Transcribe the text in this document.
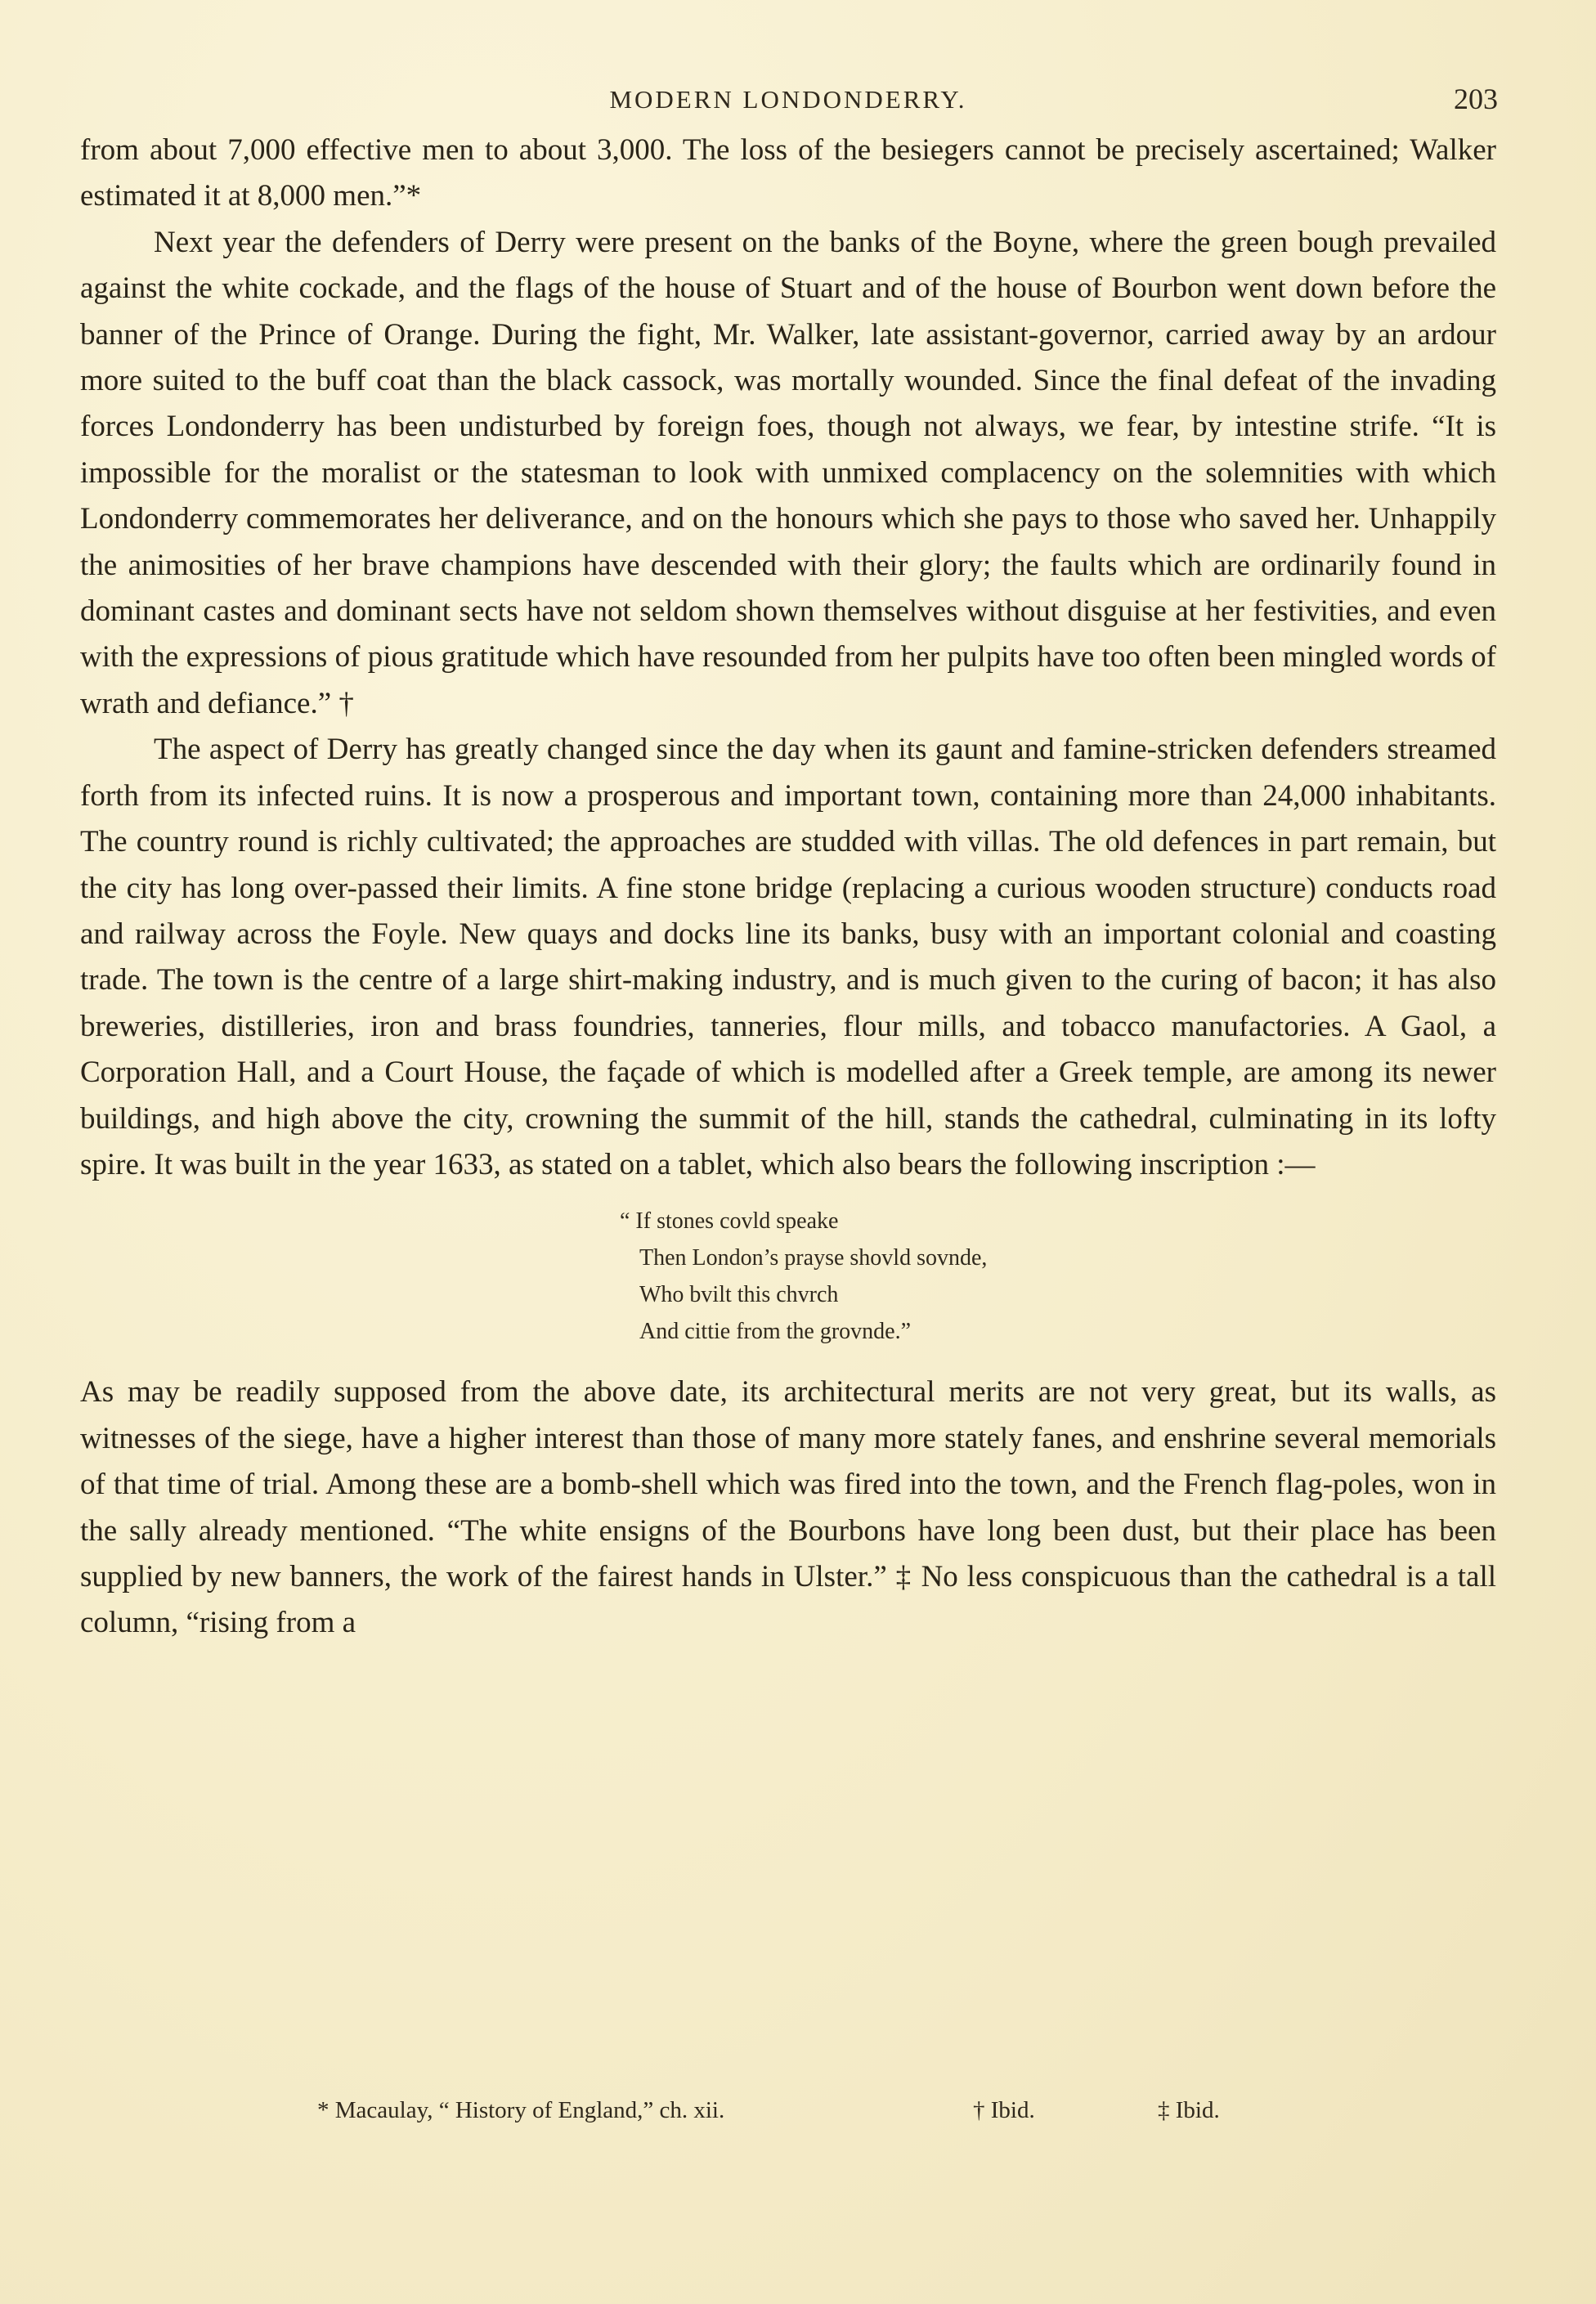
MODERN LONDONDERRY.	203

from about 7,000 effective men to about 3,000. The loss of the besiegers cannot be precisely ascertained; Walker estimated it at 8,000 men.”*

Next year the defenders of Derry were present on the banks of the Boyne, where the green bough prevailed against the white cockade, and the flags of the house of Stuart and of the house of Bourbon went down before the banner of the Prince of Orange. During the fight, Mr. Walker, late assistant-governor, carried away by an ardour more suited to the buff coat than the black cassock, was mortally wounded. Since the final defeat of the invading forces Londonderry has been undisturbed by foreign foes, though not always, we fear, by intestine strife. “It is impossible for the moralist or the statesman to look with unmixed complacency on the solemnities with which Londonderry commemorates her deliverance, and on the honours which she pays to those who saved her. Unhappily the animosities of her brave champions have descended with their glory; the faults which are ordinarily found in dominant castes and dominant sects have not seldom shown themselves without disguise at her festivities, and even with the expressions of pious gratitude which have resounded from her pulpits have too often been mingled words of wrath and defiance.” †

The aspect of Derry has greatly changed since the day when its gaunt and famine-stricken defenders streamed forth from its infected ruins. It is now a prosperous and important town, containing more than 24,000 inhabitants. The country round is richly cultivated; the approaches are studded with villas. The old defences in part remain, but the city has long over-passed their limits. A fine stone bridge (replacing a curious wooden structure) conducts road and railway across the Foyle. New quays and docks line its banks, busy with an important colonial and coasting trade. The town is the centre of a large shirt-making industry, and is much given to the curing of bacon; it has also breweries, distilleries, iron and brass foundries, tanneries, flour mills, and tobacco manufactories. A Gaol, a Corporation Hall, and a Court House, the façade of which is modelled after a Greek temple, are among its newer buildings, and high above the city, crowning the summit of the hill, stands the cathedral, culminating in its lofty spire. It was built in the year 1633, as stated on a tablet, which also bears the following inscription :—

“ If stones covld speake
Then London’s prayse shovld sovnde,
Who bvilt this chvrch
And cittie from the grovnde.”

As may be readily supposed from the above date, its architectural merits are not very great, but its walls, as witnesses of the siege, have a higher interest than those of many more stately fanes, and enshrine several memorials of that time of trial. Among these are a bomb-shell which was fired into the town, and the French flag-poles, won in the sally already mentioned. “The white ensigns of the Bourbons have long been dust, but their place has been supplied by new banners, the work of the fairest hands in Ulster.” ‡ No less conspicuous than the cathedral is a tall column, “rising from a

* Macaulay, “ History of England,” ch. xii.	† Ibid.	‡ Ibid.
